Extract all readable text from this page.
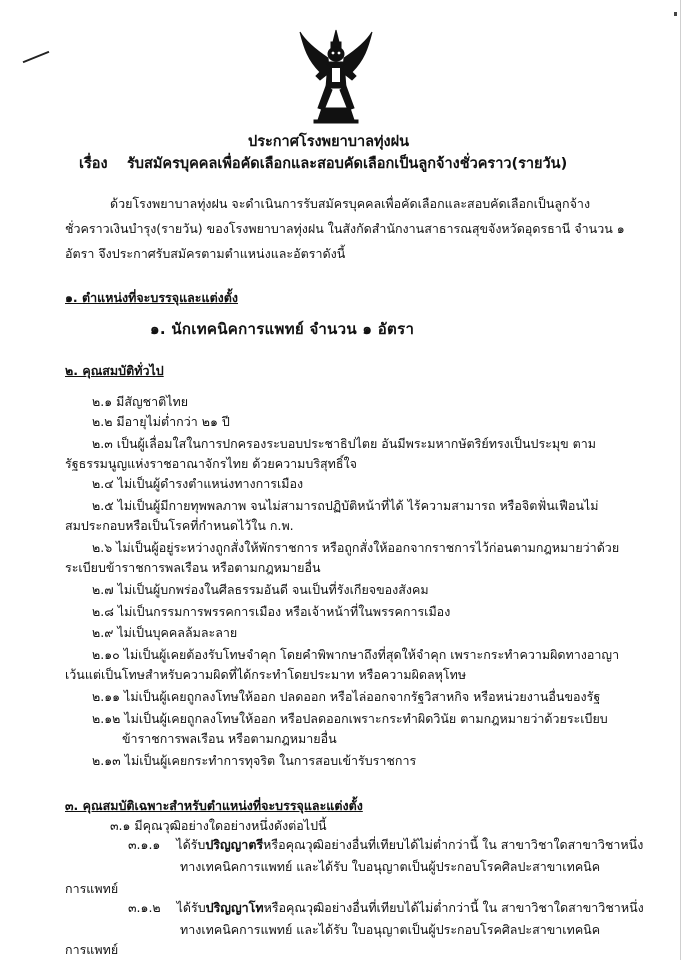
ประกาศโรงพยาบาลทุ่งฝน
เรื่อง รับสมัครบุคคลเพื่อคัดเลือกและสอบคัดเลือกเป็นลูกจ้างชั่วคราว(รายวัน)
ด้วยโรงพยาบาลทุ่งฝน จะดำเนินการรับสมัครบุคคลเพื่อคัดเลือกและสอบคัดเลือกเป็นลูกจ้าง
ชั่วคราวเงินบำรุง(รายวัน) ของโรงพยาบาลทุ่งฝน ในสังกัดสำนักงานสาธารณสุขจังหวัดอุดรธานี จำนวน ๑
อัตรา จึงประกาศรับสมัครตามตำแหน่งและอัตราดังนี้
๑. ตำแหน่งที่จะบรรจุและแต่งตั้ง
๑. นักเทคนิคการแพทย์ จำนวน ๑ อัตรา
๒. คุณสมบัติทั่วไป
๒.๑ มีสัญชาติไทย
๒.๒ มีอายุไม่ต่ำกว่า ๒๑ ปี
๒.๓ เป็นผู้เลื่อมใสในการปกครองระบอบประชาธิปไตย อันมีพระมหากษัตริย์ทรงเป็นประมุข ตาม
รัฐธรรมนูญแห่งราชอาณาจักรไทย ด้วยความบริสุทธิ์ใจ
๒.๔ ไม่เป็นผู้ดำรงตำแหน่งทางการเมือง
๒.๕ ไม่เป็นผู้มีกายทุพพลภาพ จนไม่สามารถปฏิบัติหน้าที่ได้ ไร้ความสามารถ หรือจิตฟั่นเฟือนไม่
สมประกอบหรือเป็นโรคที่กำหนดไว้ใน ก.พ.
๒.๖ ไม่เป็นผู้อยู่ระหว่างถูกสั่งให้พักราชการ หรือถูกสั่งให้ออกจากราชการไว้ก่อนตามกฎหมายว่าด้วย
ระเบียบข้าราชการพลเรือน หรือตามกฎหมายอื่น
๒.๗ ไม่เป็นผู้บกพร่องในศีลธรรมอันดี จนเป็นที่รังเกียจของสังคม
๒.๘ ไม่เป็นกรรมการพรรคการเมือง หรือเจ้าหน้าที่ในพรรคการเมือง
๒.๙ ไม่เป็นบุคคลล้มละลาย
๒.๑๐ ไม่เป็นผู้เคยต้องรับโทษจำคุก โดยคำพิพากษาถึงที่สุดให้จำคุก เพราะกระทำความผิดทางอาญา
เว้นแต่เป็นโทษสำหรับความผิดที่ได้กระทำโดยประมาท หรือความผิดลหุโทษ
๒.๑๑ ไม่เป็นผู้เคยถูกลงโทษให้ออก ปลดออก หรือไล่ออกจากรัฐวิสาหกิจ หรือหน่วยงานอื่นของรัฐ
๒.๑๒ ไม่เป็นผู้เคยถูกลงโทษให้ออก หรือปลดออกเพราะกระทำผิดวินัย ตามกฎหมายว่าด้วยระเบียบ
ข้าราชการพลเรือน หรือตามกฎหมายอื่น
๒.๑๓ ไม่เป็นผู้เคยกระทำการทุจริต ในการสอบเข้ารับราชการ
๓. คุณสมบัติเฉพาะสำหรับตำแหน่งที่จะบรรจุและแต่งตั้ง
๓.๑ มีคุณวุฒิอย่างใดอย่างหนึ่งดังต่อไปนี้
๓.๑.๑ ได้รับปริญญาตรีหรือคุณวุฒิอย่างอื่นที่เทียบได้ไม่ต่ำกว่านี้ ใน สาขาวิชาใดสาขาวิชาหนึ่ง
ทางเทคนิคการแพทย์ และได้รับ ใบอนุญาตเป็นผู้ประกอบโรคศิลปะสาขาเทคนิค
การแพทย์
๓.๑.๒ ได้รับปริญญาโทหรือคุณวุฒิอย่างอื่นที่เทียบได้ไม่ต่ำกว่านี้ ใน สาขาวิชาใดสาขาวิชาหนึ่ง
ทางเทคนิคการแพทย์ และได้รับ ใบอนุญาตเป็นผู้ประกอบโรคศิลปะสาขาเทคนิค
การแพทย์
